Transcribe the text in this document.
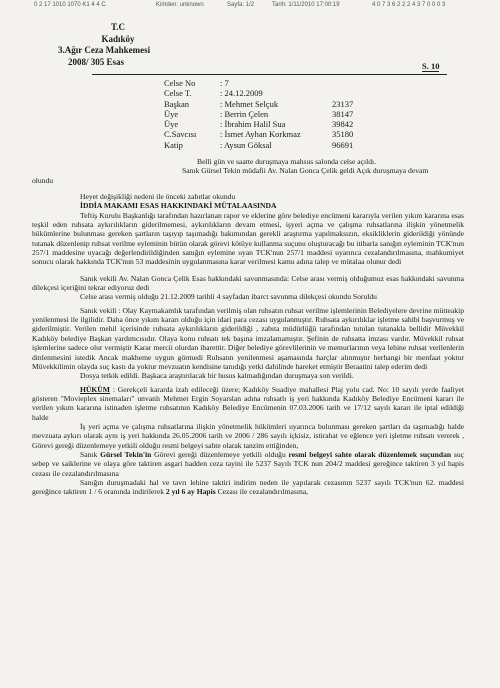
0 2 17 1010 1070 K1 4 4 C	Kimden: unknown	Sayfa: 1/2	Tarih: 1/11/2010 17:00:19	4 0 7 3 6 2 2 2 4 3 7 0 0 0 3
T.C
Kadıköy
3.Ağır Ceza Mahkemesi
2008/ 305 Esas	S. 10
Celse No	: 7
Celse T.	: 24.12.2009
Başkan	: Mehmet Selçuk	23137
Üye	: Berrin Çelen	38147
Üye	: İbrahim Halil Sua	39842
C.Savcısı	: İsmet Ayhan Korkmaz	35180
Katip	: Aysun Göksal	96691

Belli gün ve saatte duruşmaya mahsus salonda celse açıldı.

Sanık Gürsel Tekin müdafii Av. Nalan Gonca Çelik geldi Açık duruşmaya devam

olundu

Heyet değişikliği nedeni ile önceki zabıtlar okundu

İDDİA MAKAMI ESAS HAKKINDAKİ MÜTALAASINDA

Teftiş Kurulu Başkanlığı tarafından hazırlanan rapor ve eklerine göre belediye encümeni kararıyla verilen yıkım kararına esas teşkil eden ruhsata aykırılıkların giderilmemesi, aykırılıkların devam etmesi, işyeri açma ve çalışma ruhsatlarına ilişkin yönetmelik hükümlerine bulunması gereken şartların taşıyıp taşımadığı bakımından gerekli araştırma yapılmaksızın, eksikliklerin giderildiği yönünde tutanak düzenlenip ruhsat verilme eyleminin bütün olarak görevi kötüye kullanma suçunu oluşturacağı bu itibarla sanığın eyleminin TCK'nun 257/1 maddesine uyacağı değerlendirildiğinden sanığın eylemine uyan TCK'nun 257/1 maddesi uyarınca cezalandırılmasına, mahkumiyet sonucu olarak hakkında TCK'nun 53 maddesinin uygulanmasına karar verilmesi kamu adına talep ve mütalaa olunur dedi

Sanık vekili Av. Nalan Gonca Çelik Esas hakkındaki savunmasında: Celse arası vermiş olduğumuz esas hakkındaki savunma dilekçesi içeriğini tekrar ediyoruz dedi

Celse arası vermiş olduğu 21.12.2009 tarihli 4 sayfadan ibarct savunma dilekçesi okundu Soruldu

Sanık vekili : Olay Kaymakamlık tarafından verilmiş olan ruhsatın ruhsat verilme işlemlerinin Belediyelere devrine mütteakip yenilenmesi ile ilgilidir. Daha önce yıkım kararı olduğu için idari para cezası uygulanmıştır. Ruhsata aykırılıklar işletme sahibi başvurmuş ve giderilmiştir. Verilen mehil içerisinde ruhsata aykırılıkların giderildiği , zabıta müdürlüğü tarafından tutulan tutanakla bellidir Müvekkil Kadıköy belediye Başkan yardımcısıdır. Olaya konu ruhsatı tek başına imzalamamıştır. Şefinin de ruhsatta imzası vardır. Müvekkil ruhsat işlemlerine sadece olur vermiştir Karar mercii olurdan ibarettir. Diğer belediye görevlilerinin ve memurlarının veya lehine ruhsat verilenlerin dinlenmesini istedik Ancak makheme uygun görmedi Ruhsatın yenilenmesi aşamasında harçlar alınmıştır herhangi bir menfaat yoktur Müvekkilimin olayda suç kastı da yoktur mevzuatın kendisine tanıdığı yetki dahilinde hareket etmiştir Beraatini talep ederim dedi

Dosya tetkik edildi. Başkaca araştırılacak bir husus kalmadığından duruşmaya son verildi.

HÜKÜM : Gerekçeli kararda izah edileceği üzere; Kadıköy Suadiye mahallesi Plaj yolu cad. No: 10 sayılı yerde faaliyet gösteren "Movieplex sinemaları" unvanlı Mehmet Ergin Soyarslan adına ruhsatlı iş yeri hakkında Kadıköy Belediye Encümeni kararı ile verilen yıkım kararına istinaden işletme ruhsatının Kadıköy Belediye Encümenin 07.03.2006 tarih ve 17/12 sayılı kararı ile iptal edildiği halde

İş yeri açma ve çalışma ruhsatlarına ilişkin yönetmelik hükümleri uyarınca bulunması gereken şartları da taşımadığı halde mevzuata aykırı olarak aynı iş yeri hakkında 26.05.2006 tarih ve 2006 / 286 sayılı içkisiz, istirahat ve eğlence yeri işletme ruhsatı vererek , Görevi gereği düzenlemeye yetkili olduğu resmi belgeyi sahte olarak tanzim ettiğinden,

Sanık Gürsel Tekin'in Görevi gereği düzenlemeye yetkili olduğu resmi belgeyi sahte olarak düzenlemek suçundan suç sebep ve saiklerine ve olaya göre taktiren asgari hadden ceza tayini ile 5237 Sayılı TCK nun 204/2 maddesi gereğince taktiren 3 yıl hapis cezası ile cezalandırılmasına

Sanığın duruşmadaki hal ve tavrı lehine taktiri indirim neden ile yapılarak cezasının 5237 sayılı TCK'nun 62. maddesi gereğince taktiren 1 / 6 oranında indirilerek 2 yıl 6 ay Hapis Cezası ile cezalandırılmasına,
